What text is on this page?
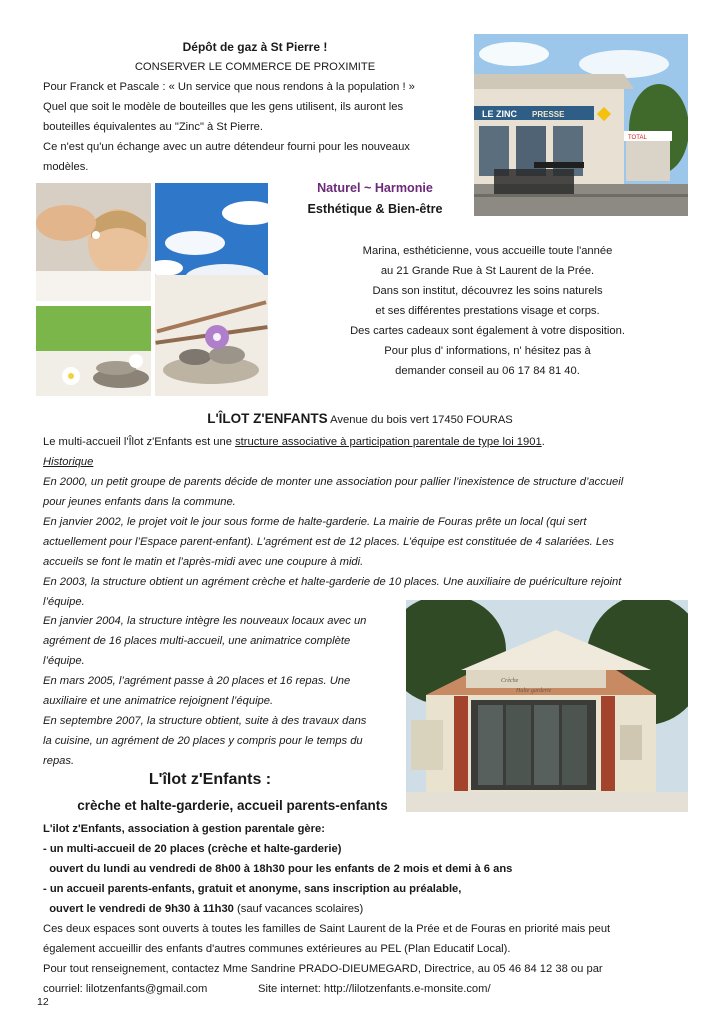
Dépôt de gaz à St Pierre !
CONSERVER LE COMMERCE DE PROXIMITE
Pour Franck et Pascale : « Un service que nous rendons à la population ! »
Quel que soit le modèle de bouteilles que les gens utilisent, ils auront les
bouteilles équivalentes au "Zinc" à St Pierre.
Ce n'est qu'un échange avec un autre détendeur fourni pour les nouveaux
modèles.
LE ZINC PRESSE
TOTAL
Naturel ~ Harmonie
Esthétique & Bien-être
Marina, esthéticienne, vous accueille toute l'année
au 21 Grande Rue à St Laurent de la Prée.
Dans son institut, découvrez les soins naturels
et ses différentes prestations visage et corps.
Des cartes cadeaux sont également à votre disposition.
Pour plus d' informations, n' hésitez pas à
demander conseil au 06 17 84 81 40.
L'ÎLOT Z'ENFANTS Avenue du bois vert 17450 FOURAS
Le multi-accueil l'Îlot z'Enfants est une structure associative à participation parentale de type loi 1901.
Historique
En 2000, un petit groupe de parents décide de monter une association pour pallier l’inexistence de structure d’accueil
pour jeunes enfants dans la commune.
En janvier 2002, le projet voit le jour sous forme de halte-garderie. La mairie de Fouras prête un local (qui sert
actuellement pour l’Espace parent-enfant). L’agrément est de 12 places. L’équipe est constituée de 4 salariées. Les
accueils se font le matin et l’après-midi avec une coupure à midi.
En 2003, la structure obtient un agrément crèche et halte-garderie de 10 places. Une auxiliaire de puériculture rejoint
l’équipe.
En janvier 2004, la structure intègre les nouveaux locaux avec un
agrément de 16 places multi-accueil, une animatrice complète
l’équipe.
En mars 2005, l’agrément passe à 20 places et 16 repas. Une
auxiliaire et une animatrice rejoignent l’équipe.
En septembre 2007, la structure obtient, suite à des travaux dans
la cuisine, un agrément de 20 places y compris pour le temps du
repas.
Crèche
Halte garderie
L'îlot z'Enfants :
crèche et halte-garderie, accueil parents-enfants
L'ilot z'Enfants, association à gestion parentale gère:
- un multi-accueil de 20 places (crèche et halte-garderie)
ouvert du lundi au vendredi de 8h00 à 18h30 pour les enfants de 2 mois et demi à 6 ans
- un accueil parents-enfants, gratuit et anonyme, sans inscription au préalable,
ouvert le vendredi de 9h30 à 11h30 (sauf vacances scolaires)
Ces deux espaces sont ouverts à toutes les familles de Saint Laurent de la Prée et de Fouras en priorité mais peut
également accueillir des enfants d'autres communes extérieures au PEL (Plan Educatif Local).
Pour tout renseignement, contactez Mme Sandrine PRADO-DIEUMEGARD, Directrice, au 05 46 84 12 38 ou par
courriel: lilotzenfants@gmail.com	Site internet: http://lilotzenfants.e-monsite.com/
12
